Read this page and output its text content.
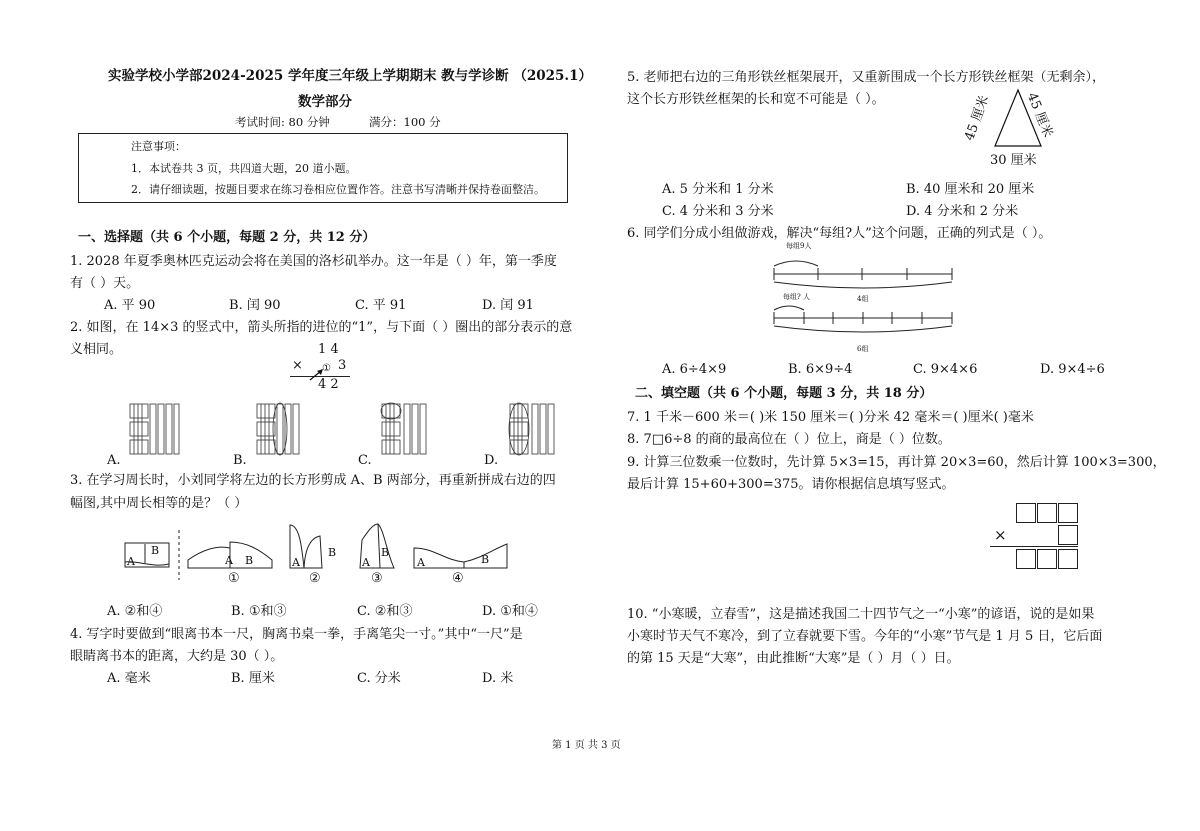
实验学校小学部2024-2025 学年度三年级上学期期末 教与学诊断 （2025.1）
数学部分
考试时间: 80 分钟	满分：100 分
注意事项：
1．本试卷共 3 页，共四道大题，20 道小题。
2．请仔细读题，按题目要求在练习卷相应位置作答。注意书写清晰并保持卷面整洁。
一、选择题（共 6 个小题，每题 2 分，共 12 分）
1. 2028 年夏季奥林匹克运动会将在美国的洛杉矶举办。这一年是（ ）年，第一季度
有（ ）天。
A. 平 90	B. 闰 90	C. 平 91	D. 闰 91
2. 如图，在 14×3 的竖式中，箭头所指的进位的“1”，与下面（ ）圈出的部分表示的意
义相同。	1 4
× ① 3
4 2
A.	B.	C.	D.
3. 在学习周长时，小刘同学将左边的长方形剪成 A、B 两部分，再重新拼成右边的四
幅图,其中周长相等的是？（ ）
A
B
A B
①
A
B
②
A
B
③
A	B
④
A. ②和④	B. ①和③	C. ②和③	D. ①和④
4. 写字时要做到“眼离书本一尺，胸离书桌一拳，手离笔尖一寸。”其中“一尺”是
眼睛离书本的距离，大约是 30（ ）。
A. 毫米	B. 厘米	C. 分米	D. 米
5. 老师把右边的三角形铁丝框架展开，又重新围成一个长方形铁丝框架（无剩余），
这个长方形铁丝框架的长和宽不可能是（ ）。	45 厘米 45 厘米
30 厘米
A. 5 分米和 1 分米	B. 40 厘米和 20 厘米
C. 4 分米和 3 分米	D. 4 分米和 2 分米
6. 同学们分成小组做游戏，解决“每组?人”这个问题，正确的列式是（ ）。
每组9人
4组
每组? 人
6组
A. 6÷4×9	B. 6×9÷4	C. 9×4×6	D. 9×4÷6
二、填空题（共 6 个小题，每题 3 分，共 18 分）
7. 1 千米－600 米＝( )米 150 厘米＝( )分米 42 毫米＝( )厘米( )毫米
8. 7□6÷8 的商的最高位在（ ）位上，商是（ ）位数。
9. 计算三位数乘一位数时，先计算 5×3=15，再计算 20×3=60，然后计算 100×3=300，
最后计算 15+60+300=375。请你根据信息填写竖式。
×
10. “小寒暖，立春雪”，这是描述我国二十四节气之一“小寒”的谚语，说的是如果
小寒时节天气不寒冷，到了立春就要下雪。今年的“小寒”节气是 1 月 5 日，它后面
的第 15 天是“大寒”，由此推断“大寒”是（ ）月（ ）日。
第 1 页 共 3 页
